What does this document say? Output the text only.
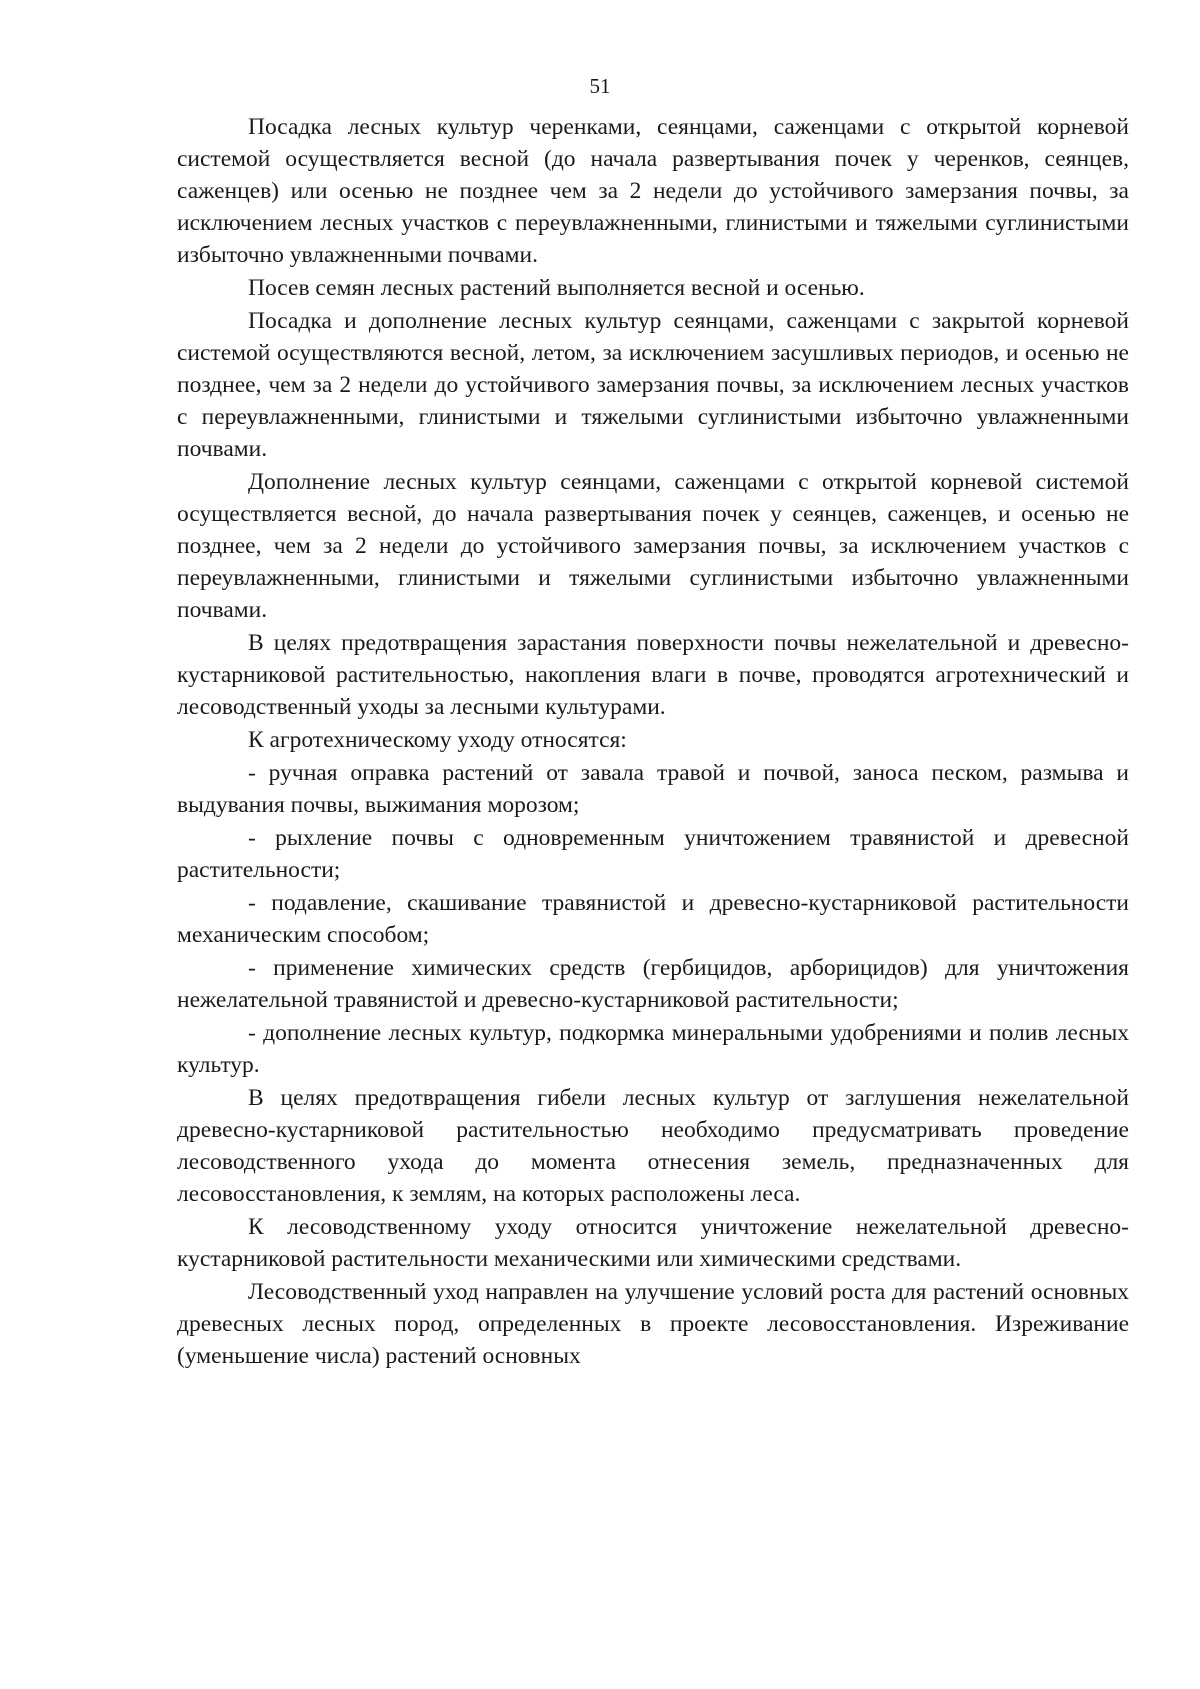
51

Посадка лесных культур черенками, сеянцами, саженцами с открытой корневой системой осуществляется весной (до начала развертывания почек у черенков, сеянцев, саженцев) или осенью не позднее чем за 2 недели до устойчивого замерзания почвы, за исключением лесных участков с переувлажненными, глинистыми и тяжелыми суглинистыми избыточно увлажненными почвами.

Посев семян лесных растений выполняется весной и осенью.

Посадка и дополнение лесных культур сеянцами, саженцами с закрытой корневой системой осуществляются весной, летом, за исключением засушливых периодов, и осенью не позднее, чем за 2 недели до устойчивого замерзания почвы, за исключением лесных участков с переувлажненными, глинистыми и тяжелыми суглинистыми избыточно увлажненными почвами.

Дополнение лесных культур сеянцами, саженцами с открытой корневой системой осуществляется весной, до начала развертывания почек у сеянцев, саженцев, и осенью не позднее, чем за 2 недели до устойчивого замерзания почвы, за исключением участков с переувлажненными, глинистыми и тяжелыми суглинистыми избыточно увлажненными почвами.

В целях предотвращения зарастания поверхности почвы нежелательной и древесно-кустарниковой растительностью, накопления влаги в почве, проводятся агротехнический и лесоводственный уходы за лесными культурами.

К агротехническому уходу относятся:

- ручная оправка растений от завала травой и почвой, заноса песком, размыва и выдувания почвы, выжимания морозом;

- рыхление почвы с одновременным уничтожением травянистой и древесной растительности;

- подавление, скашивание травянистой и древесно-кустарниковой растительности механическим способом;

- применение химических средств (гербицидов, арборицидов) для уничтожения нежелательной травянистой и древесно-кустарниковой растительности;

- дополнение лесных культур, подкормка минеральными удобрениями и полив лесных культур.

В целях предотвращения гибели лесных культур от заглушения нежелательной древесно-кустарниковой растительностью необходимо предусматривать проведение лесоводственного ухода до момента отнесения земель, предназначенных для лесовосстановления, к землям, на которых расположены леса.

К лесоводственному уходу относится уничтожение нежелательной древесно-кустарниковой растительности механическими или химическими средствами.

Лесоводственный уход направлен на улучшение условий роста для растений основных древесных лесных пород, определенных в проекте лесовосстановления. Изреживание (уменьшение числа) растений основных
